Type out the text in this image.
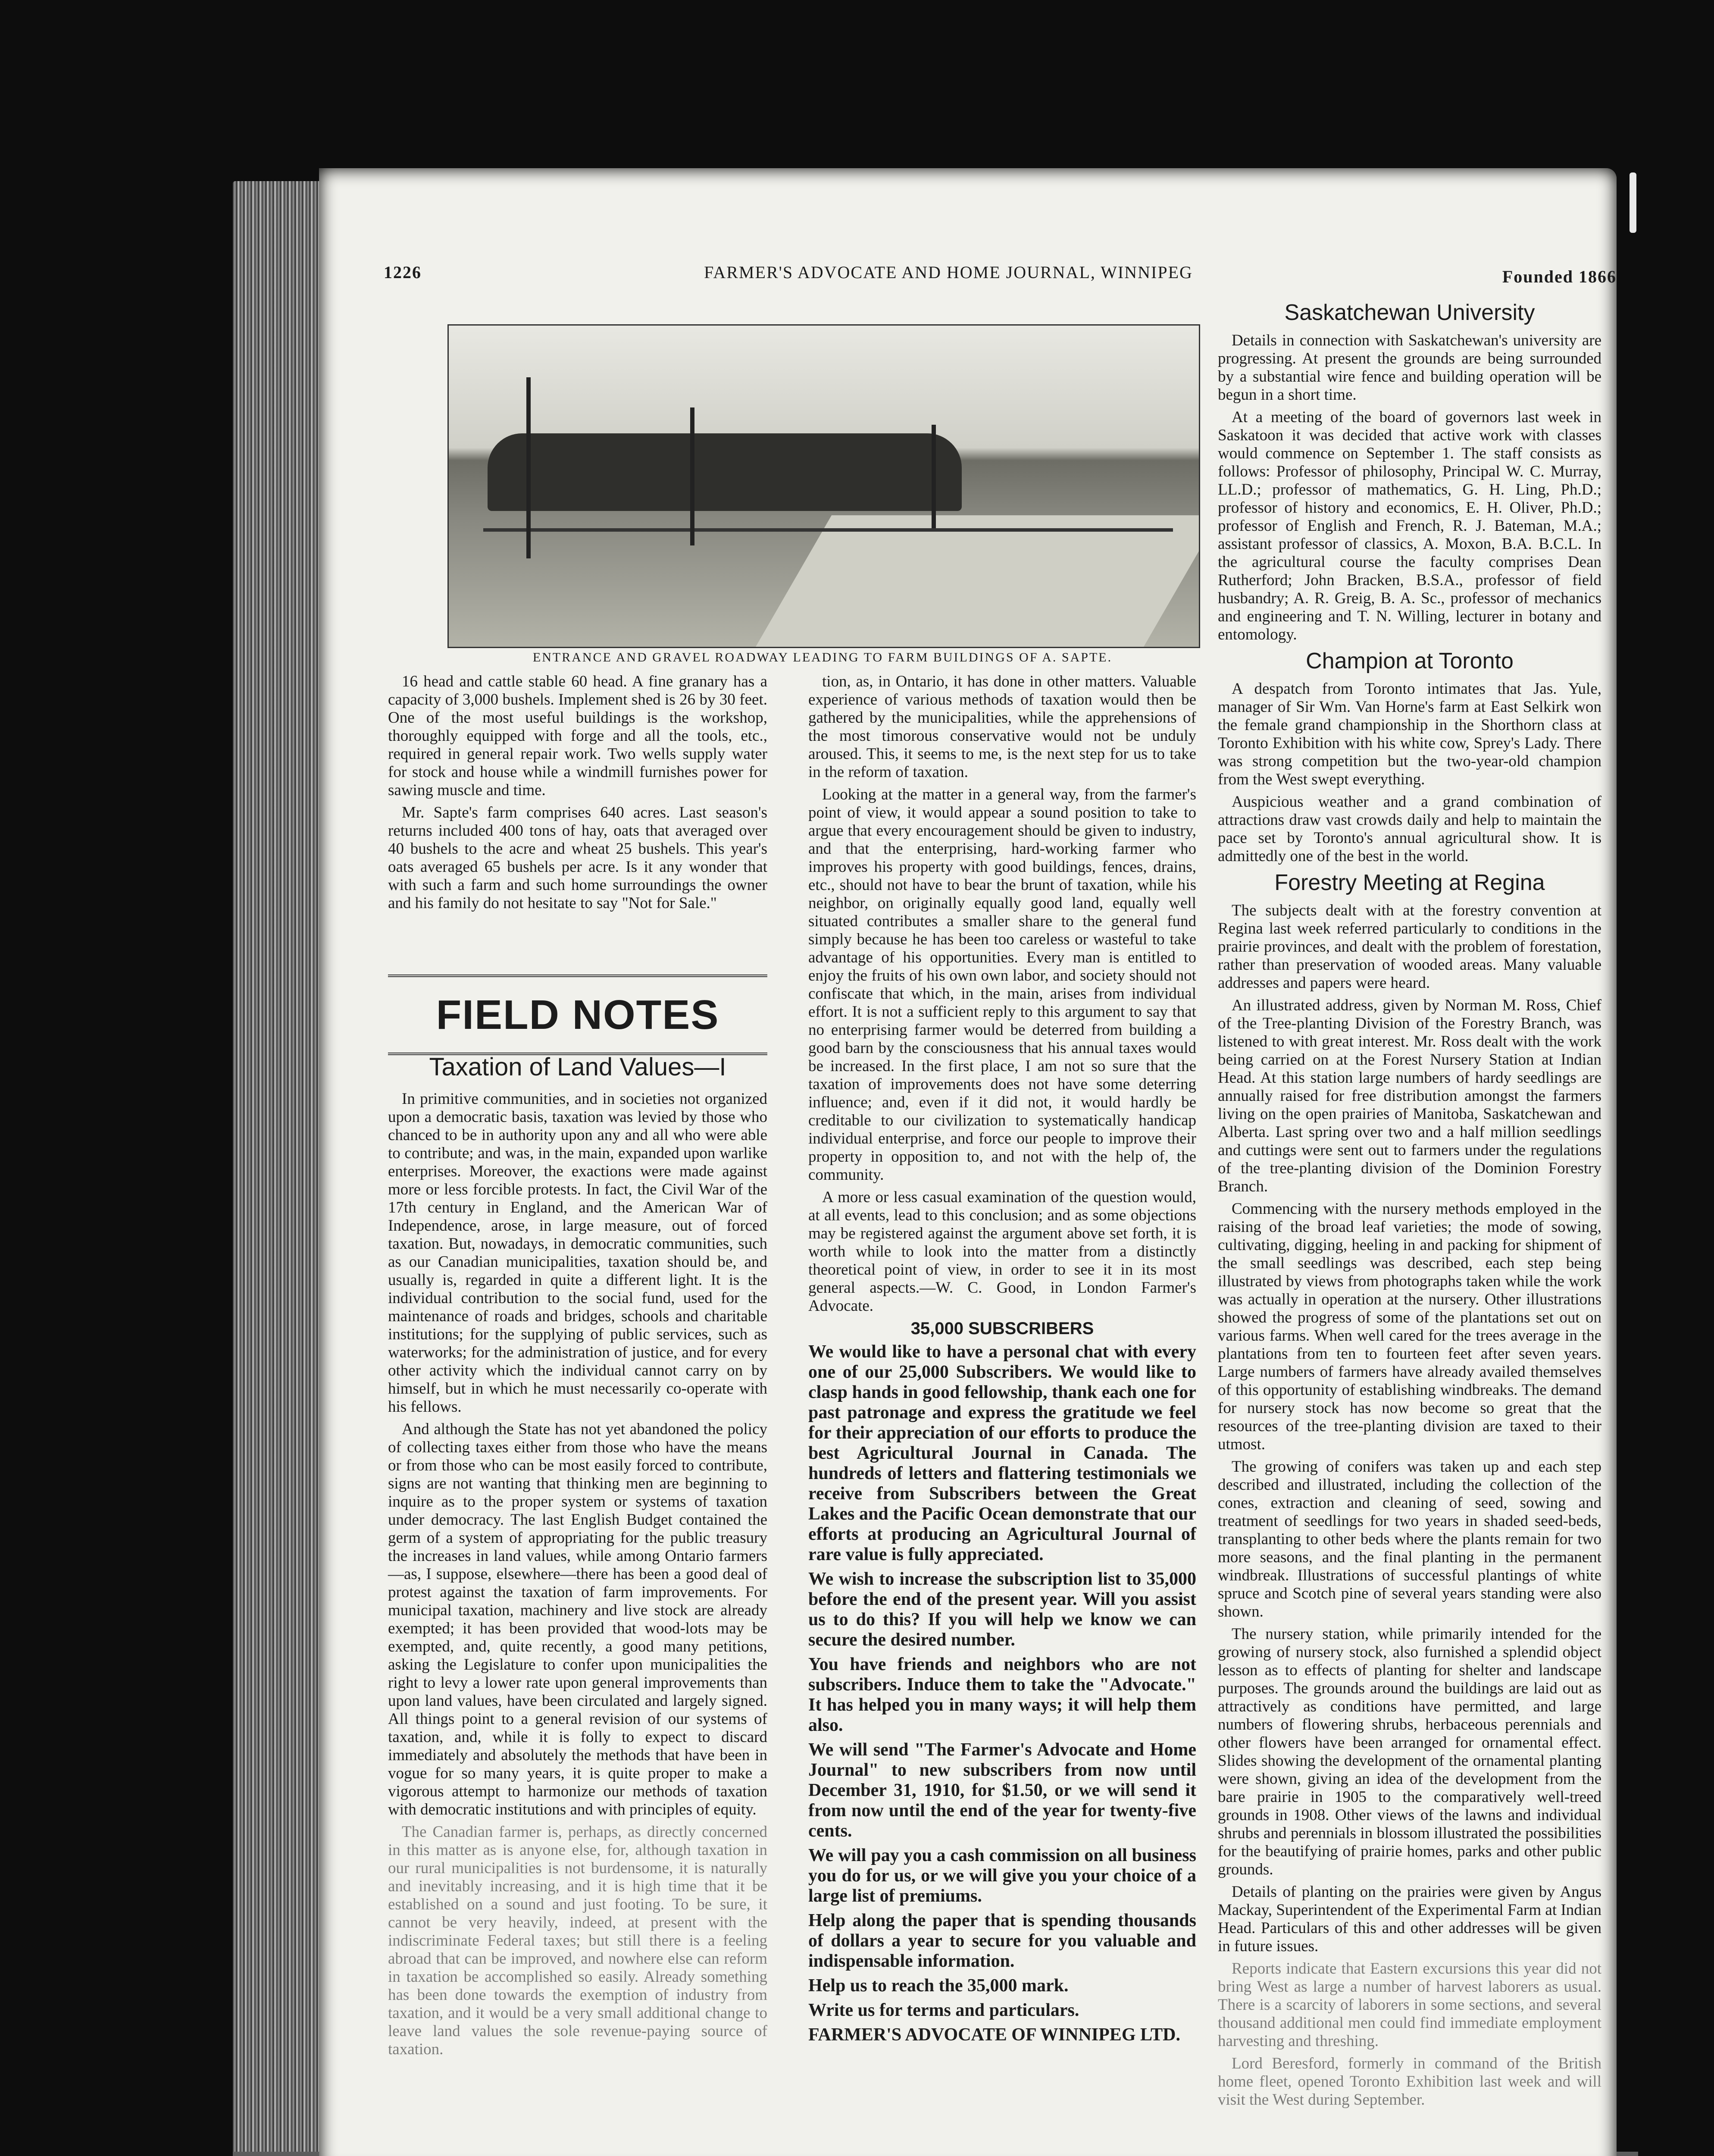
1226	FARMER'S ADVOCATE AND HOME JOURNAL, WINNIPEG	Founded 1866
ENTRANCE AND GRAVEL ROADWAY LEADING TO FARM BUILDINGS OF A. SAPTE.

16 head and cattle stable 60 head. A fine granary has a capacity of 3,000 bushels. Implement shed is 26 by 30 feet. One of the most useful buildings is the workshop, thoroughly equipped with forge and all the tools, etc., required in general repair work. Two wells supply water for stock and house while a windmill furnishes power for sawing muscle and time.

Mr. Sapte's farm comprises 640 acres. Last season's returns included 400 tons of hay, oats that averaged over 40 bushels to the acre and wheat 25 bushels. This year's oats averaged 65 bushels per acre. Is it any wonder that with such a farm and such home surroundings the owner and his family do not hesitate to say "Not for Sale."

FIELD NOTES
Taxation of Land Values—I

In primitive communities, and in societies not organized upon a democratic basis, taxation was levied by those who chanced to be in authority upon any and all who were able to contribute; and was, in the main, expanded upon warlike enterprises. Moreover, the exactions were made against more or less forcible protests. In fact, the Civil War of the 17th century in England, and the American War of Independence, arose, in large measure, out of forced taxation. But, nowadays, in democratic communities, such as our Canadian municipalities, taxation should be, and usually is, regarded in quite a different light. It is the individual contribution to the social fund, used for the maintenance of roads and bridges, schools and charitable institutions; for the supplying of public services, such as waterworks; for the administration of justice, and for every other activity which the individual cannot carry on by himself, but in which he must necessarily co-operate with his fellows.

And although the State has not yet abandoned the policy of collecting taxes either from those who have the means or from those who can be most easily forced to contribute, signs are not wanting that thinking men are beginning to inquire as to the proper system or systems of taxation under democracy. The last English Budget contained the germ of a system of appropriating for the public treasury the increases in land values, while among Ontario farmers—as, I suppose, elsewhere—there has been a good deal of protest against the taxation of farm improvements. For municipal taxation, machinery and live stock are already exempted; it has been provided that wood-lots may be exempted, and, quite recently, a good many petitions, asking the Legislature to confer upon municipalities the right to levy a lower rate upon general improvements than upon land values, have been circulated and largely signed. All things point to a general revision of our systems of taxation, and, while it is folly to expect to discard immediately and absolutely the methods that have been in vogue for so many years, it is quite proper to make a vigorous attempt to harmonize our methods of taxation with democratic institutions and with principles of equity.

The Canadian farmer is, perhaps, as directly concerned in this matter as is anyone else, for, although taxation in our rural municipalities is not burdensome, it is naturally and inevitably increasing, and it is high time that it be established on a sound and just footing. To be sure, it cannot be very heavily, indeed, at present with the indiscriminate Federal taxes; but still there is a feeling abroad that can be improved, and nowhere else can reform in taxation be accomplished so easily. Already something has been done towards the exemption of industry from taxation, and it would be a very small additional change to leave land values the sole revenue-paying source of taxation.

tion, as, in Ontario, it has done in other matters. Valuable experience of various methods of taxation would then be gathered by the municipalities, while the apprehensions of the most timorous conservative would not be unduly aroused. This, it seems to me, is the next step for us to take in the reform of taxation.

Looking at the matter in a general way, from the farmer's point of view, it would appear a sound position to take to argue that every encouragement should be given to industry, and that the enterprising, hard-working farmer who improves his property with good buildings, fences, drains, etc., should not have to bear the brunt of taxation, while his neighbor, on originally equally good land, equally well situated contributes a smaller share to the general fund simply because he has been too careless or wasteful to take advantage of his opportunities. Every man is entitled to enjoy the fruits of his own own labor, and society should not confiscate that which, in the main, arises from individual effort. It is not a sufficient reply to this argument to say that no enterprising farmer would be deterred from building a good barn by the consciousness that his annual taxes would be increased. In the first place, I am not so sure that the taxation of improvements does not have some deterring influence; and, even if it did not, it would hardly be creditable to our civilization to systematically handicap individual enterprise, and force our people to improve their property in opposition to, and not with the help of, the community.

A more or less casual examination of the question would, at all events, lead to this conclusion; and as some objections may be registered against the argument above set forth, it is worth while to look into the matter from a distinctly theoretical point of view, in order to see it in its most general aspects.—W. C. Good, in London Farmer's Advocate.

35,000 SUBSCRIBERS

We would like to have a personal chat with every one of our 25,000 Subscribers. We would like to clasp hands in good fellowship, thank each one for past patronage and express the gratitude we feel for their appreciation of our efforts to produce the best Agricultural Journal in Canada. The hundreds of letters and flattering testimonials we receive from Subscribers between the Great Lakes and the Pacific Ocean demonstrate that our efforts at producing an Agricultural Journal of rare value is fully appreciated.

We wish to increase the subscription list to 35,000 before the end of the present year. Will you assist us to do this? If you will help we know we can secure the desired number.

You have friends and neighbors who are not subscribers. Induce them to take the "Advocate." It has helped you in many ways; it will help them also.

We will send "The Farmer's Advocate and Home Journal" to new subscribers from now until December 31, 1910, for $1.50, or we will send it from now until the end of the year for twenty-five cents.

We will pay you a cash commission on all business you do for us, or we will give you your choice of a large list of premiums.

Help along the paper that is spending thousands of dollars a year to secure for you valuable and indispensable information.

Help us to reach the 35,000 mark.

Write us for terms and particulars.

FARMER'S ADVOCATE OF WINNIPEG LTD.

Saskatchewan University

Details in connection with Saskatchewan's university are progressing. At present the grounds are being surrounded by a substantial wire fence and building operation will be begun in a short time.

At a meeting of the board of governors last week in Saskatoon it was decided that active work with classes would commence on September 1. The staff consists as follows: Professor of philosophy, Principal W. C. Murray, LL.D.; professor of mathematics, G. H. Ling, Ph.D.; professor of history and economics, E. H. Oliver, Ph.D.; professor of English and French, R. J. Bateman, M.A.; assistant professor of classics, A. Moxon, B.A. B.C.L. In the agricultural course the faculty comprises Dean Rutherford; John Bracken, B.S.A., professor of field husbandry; A. R. Greig, B. A. Sc., professor of mechanics and engineering and T. N. Willing, lecturer in botany and entomology.

Champion at Toronto

A despatch from Toronto intimates that Jas. Yule, manager of Sir Wm. Van Horne's farm at East Selkirk won the female grand championship in the Shorthorn class at Toronto Exhibition with his white cow, Sprey's Lady. There was strong competition but the two-year-old champion from the West swept everything.

Auspicious weather and a grand combination of attractions draw vast crowds daily and help to maintain the pace set by Toronto's annual agricultural show. It is admittedly one of the best in the world.

Forestry Meeting at Regina

The subjects dealt with at the forestry convention at Regina last week referred particularly to conditions in the prairie provinces, and dealt with the problem of forestation, rather than preservation of wooded areas. Many valuable addresses and papers were heard.

An illustrated address, given by Norman M. Ross, Chief of the Tree-planting Division of the Forestry Branch, was listened to with great interest. Mr. Ross dealt with the work being carried on at the Forest Nursery Station at Indian Head. At this station large numbers of hardy seedlings are annually raised for free distribution amongst the farmers living on the open prairies of Manitoba, Saskatchewan and Alberta. Last spring over two and a half million seedlings and cuttings were sent out to farmers under the regulations of the tree-planting division of the Dominion Forestry Branch.

Commencing with the nursery methods employed in the raising of the broad leaf varieties; the mode of sowing, cultivating, digging, heeling in and packing for shipment of the small seedlings was described, each step being illustrated by views from photographs taken while the work was actually in operation at the nursery. Other illustrations showed the progress of some of the plantations set out on various farms. When well cared for the trees average in the plantations from ten to fourteen feet after seven years. Large numbers of farmers have already availed themselves of this opportunity of establishing windbreaks. The demand for nursery stock has now become so great that the resources of the tree-planting division are taxed to their utmost.

The growing of conifers was taken up and each step described and illustrated, including the collection of the cones, extraction and cleaning of seed, sowing and treatment of seedlings for two years in shaded seed-beds, transplanting to other beds where the plants remain for two more seasons, and the final planting in the permanent windbreak. Illustrations of successful plantings of white spruce and Scotch pine of several years standing were also shown.

The nursery station, while primarily intended for the growing of nursery stock, also furnished a splendid object lesson as to effects of planting for shelter and landscape purposes. The grounds around the buildings are laid out as attractively as conditions have permitted, and large numbers of flowering shrubs, herbaceous perennials and other flowers have been arranged for ornamental effect. Slides showing the development of the ornamental planting were shown, giving an idea of the development from the bare prairie in 1905 to the comparatively well-treed grounds in 1908. Other views of the lawns and individual shrubs and perennials in blossom illustrated the possibilities for the beautifying of prairie homes, parks and other public grounds.

Details of planting on the prairies were given by Angus Mackay, Superintendent of the Experimental Farm at Indian Head. Particulars of this and other addresses will be given in future issues.

Reports indicate that Eastern excursions this year did not bring West as large a number of harvest laborers as usual. There is a scarcity of laborers in some sections, and several thousand additional men could find immediate employment harvesting and threshing.

Lord Beresford, formerly in command of the British home fleet, opened Toronto Exhibition last week and will visit the West during September.
